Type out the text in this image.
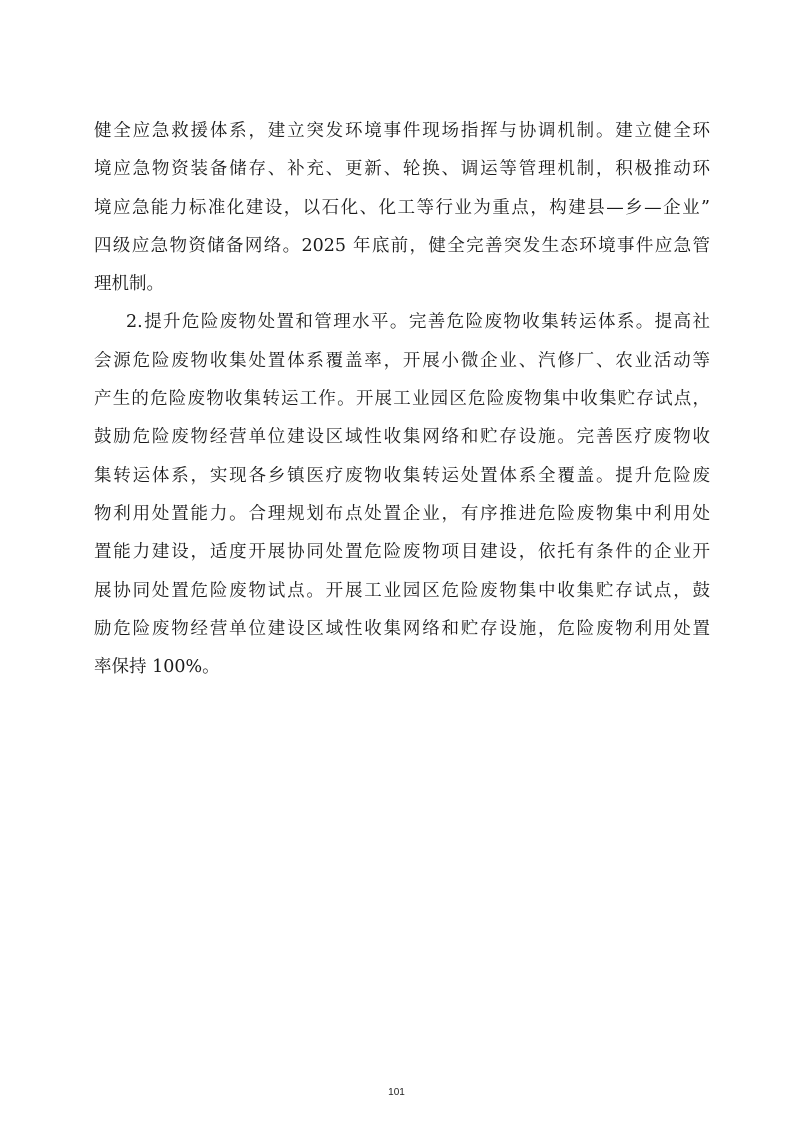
健全应急救援体系，建立突发环境事件现场指挥与协调机制。建立健全环
境应急物资装备储存、补充、更新、轮换、调运等管理机制，积极推动环
境应急能力标准化建设，以石化、化工等行业为重点，构建县—乡—企业”
四级应急物资储备网络。2025 年底前，健全完善突发生态环境事件应急管
理机制。
2.提升危险废物处置和管理水平。完善危险废物收集转运体系。提高社
会源危险废物收集处置体系覆盖率，开展小微企业、汽修厂、农业活动等
产生的危险废物收集转运工作。开展工业园区危险废物集中收集贮存试点，
鼓励危险废物经营单位建设区域性收集网络和贮存设施。完善医疗废物收
集转运体系，实现各乡镇医疗废物收集转运处置体系全覆盖。提升危险废
物利用处置能力。合理规划布点处置企业，有序推进危险废物集中利用处
置能力建设，适度开展协同处置危险废物项目建设，依托有条件的企业开
展协同处置危险废物试点。开展工业园区危险废物集中收集贮存试点，鼓
励危险废物经营单位建设区域性收集网络和贮存设施，危险废物利用处置
率保持 100%。
101
